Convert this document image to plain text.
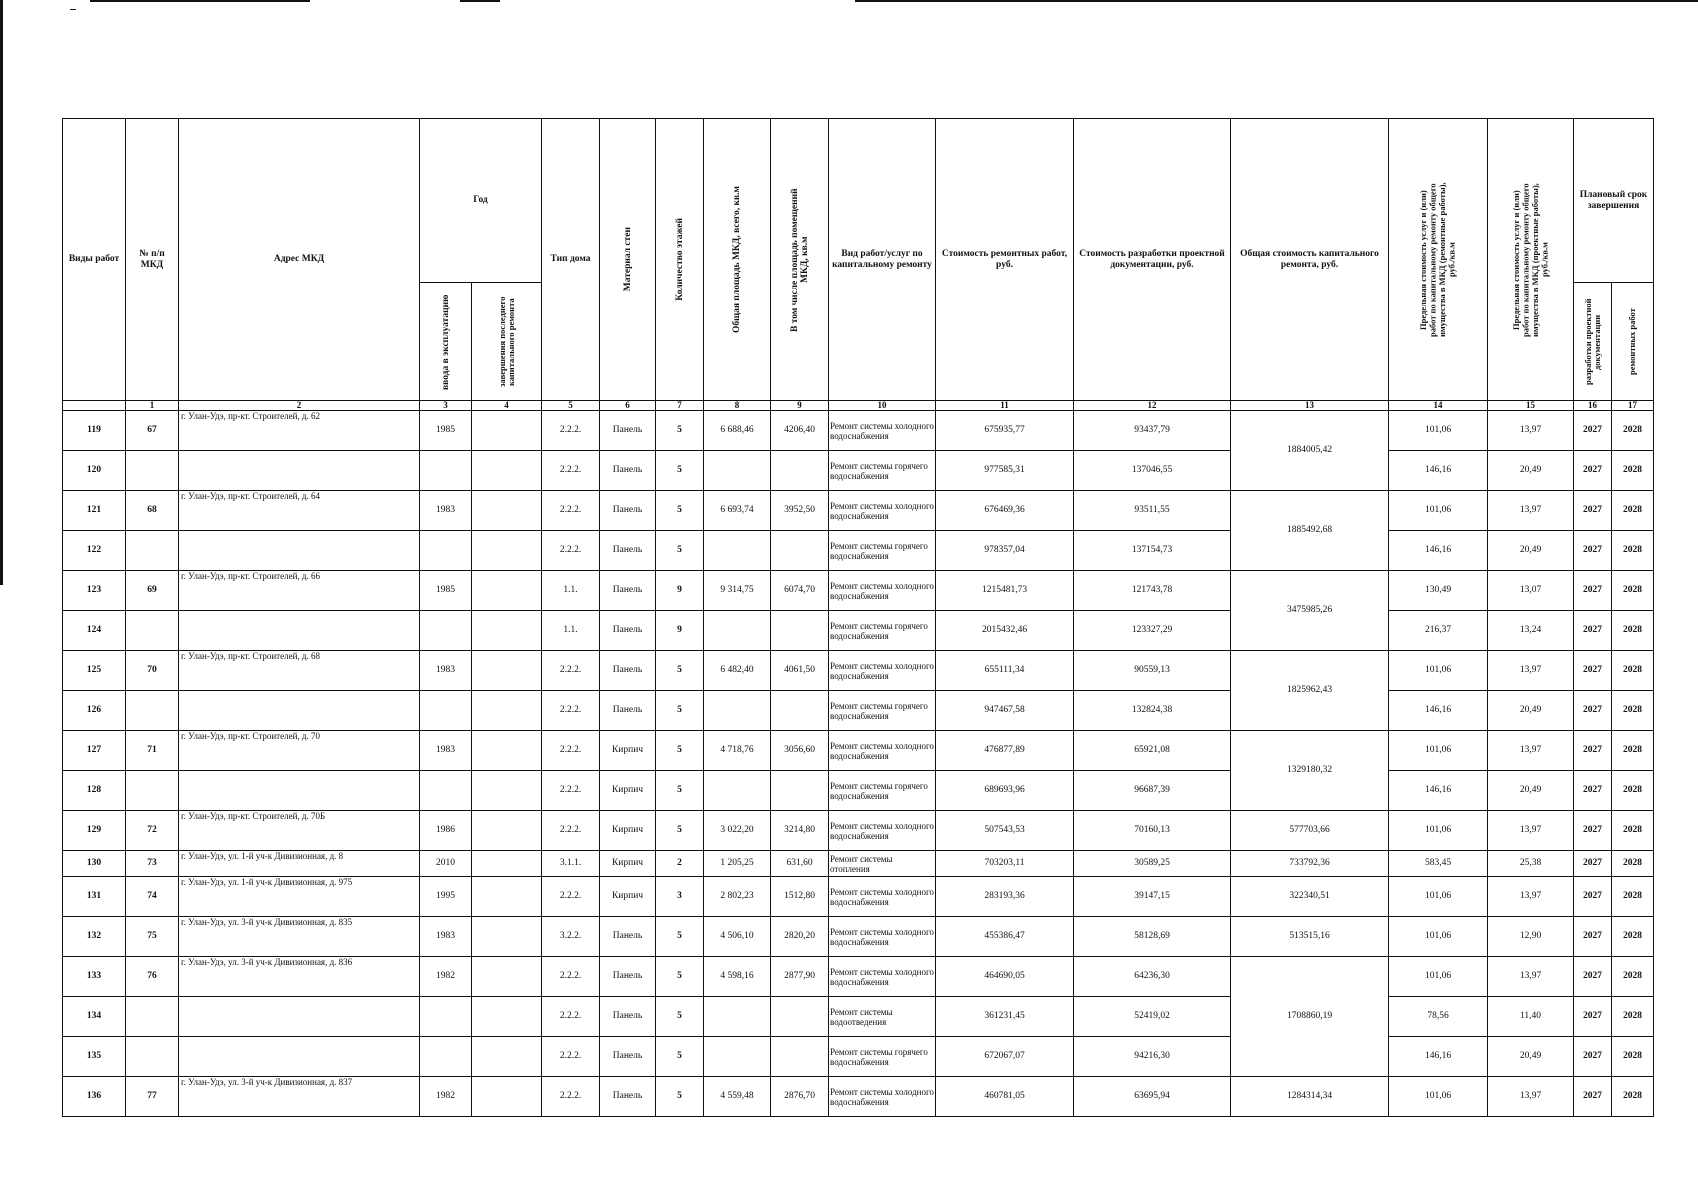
Виды работ	№ п/п МКД	Адрес МКД	Год		Тип дома	Материал стен	Количество этажей	Общая площадь МКД, всего, кв.м	В том числе площадь помещений МКД, кв.м	Вид работ/услуг по капитальному ремонту	Стоимость ремонтных работ, руб.	Стоимость разработки проектной документации, руб.	Общая стоимость капитального ремонта, руб.	Предельная стоимость услуг и (или) работ по капитальному ремонту общего имущества в МКД (ремонтные работы), руб./кв.м	Предельная стоимость услуг и (или) работ по капитальному ремонту общего имущества в МКД (проектные работы), руб./кв.м	Плановый срок завершения	

			ввода в эксплуатацию	завершения последнего капитального ремонта												разработки проектной документации	ремонтных работ

	1	2	3	4	5	6	7	8	9	10	11	12	13	14	15	16	17
119	67	г. Улан-Удэ, пр-кт. Строителей, д. 62	1985		2.2.2.	Панель	5	6 688,46	4206,40	Ремонт системы холодного водоснабжения	675935,77	93437,79	1884005,42	101,06	13,97	2027	2028
120					2.2.2.	Панель	5			Ремонт системы горячего водоснабжения	977585,31	137046,55		146,16	20,49	2027	2028
121	68	г. Улан-Удэ, пр-кт. Строителей, д. 64	1983		2.2.2.	Панель	5	6 693,74	3952,50	Ремонт системы холодного водоснабжения	676469,36	93511,55	1885492,68	101,06	13,97	2027	2028
122					2.2.2.	Панель	5			Ремонт системы горячего водоснабжения	978357,04	137154,73		146,16	20,49	2027	2028
123	69	г. Улан-Удэ, пр-кт. Строителей, д. 66	1985		1.1.	Панель	9	9 314,75	6074,70	Ремонт системы холодного водоснабжения	1215481,73	121743,78	3475985,26	130,49	13,07	2027	2028
124					1.1.	Панель	9			Ремонт системы горячего водоснабжения	2015432,46	123327,29		216,37	13,24	2027	2028
125	70	г. Улан-Удэ, пр-кт. Строителей, д. 68	1983		2.2.2.	Панель	5	6 482,40	4061,50	Ремонт системы холодного водоснабжения	655111,34	90559,13	1825962,43	101,06	13,97	2027	2028
126					2.2.2.	Панель	5			Ремонт системы горячего водоснабжения	947467,58	132824,38		146,16	20,49	2027	2028
127	71	г. Улан-Удэ, пр-кт. Строителей, д. 70	1983		2.2.2.	Кирпич	5	4 718,76	3056,60	Ремонт системы холодного водоснабжения	476877,89	65921,08	1329180,32	101,06	13,97	2027	2028
128					2.2.2.	Кирпич	5			Ремонт системы горячего водоснабжения	689693,96	96687,39		146,16	20,49	2027	2028
129	72	г. Улан-Удэ, пр-кт. Строителей, д. 70Б	1986		2.2.2.	Кирпич	5	3 022,20	3214,80	Ремонт системы холодного водоснабжения	507543,53	70160,13	577703,66	101,06	13,97	2027	2028
130	73	г. Улан-Удэ, ул. 1-й уч-к Дивизионная, д. 8	2010		3.1.1.	Кирпич	2	1 205,25	631,60	Ремонт системы отопления	703203,11	30589,25	733792,36	583,45	25,38	2027	2028
131	74	г. Улан-Удэ, ул. 1-й уч-к Дивизионная, д. 975	1995		2.2.2.	Кирпич	3	2 802,23	1512,80	Ремонт системы холодного водоснабжения	283193,36	39147,15	322340,51	101,06	13,97	2027	2028
132	75	г. Улан-Удэ, ул. 3-й уч-к Дивизионная, д. 835	1983		3.2.2.	Панель	5	4 506,10	2820,20	Ремонт системы холодного водоснабжения	455386,47	58128,69	513515,16	101,06	12,90	2027	2028
133	76	г. Улан-Удэ, ул. 3-й уч-к Дивизионная, д. 836	1982		2.2.2.	Панель	5	4 598,16	2877,90	Ремонт системы холодного водоснабжения	464690,05	64236,30	1708860,19	101,06	13,97	2027	2028
134					2.2.2.	Панель	5			Ремонт системы водоотведения	361231,45	52419,02		78,56	11,40	2027	2028
135					2.2.2.	Панель	5			Ремонт системы горячего водоснабжения	672067,07	94216,30		146,16	20,49	2027	2028
136	77	г. Улан-Удэ, ул. 3-й уч-к Дивизионная, д. 837	1982		2.2.2.	Панель	5	4 559,48	2876,70	Ремонт системы холодного водоснабжения	460781,05	63695,94	1284314,34	101,06	13,97	2027	2028
